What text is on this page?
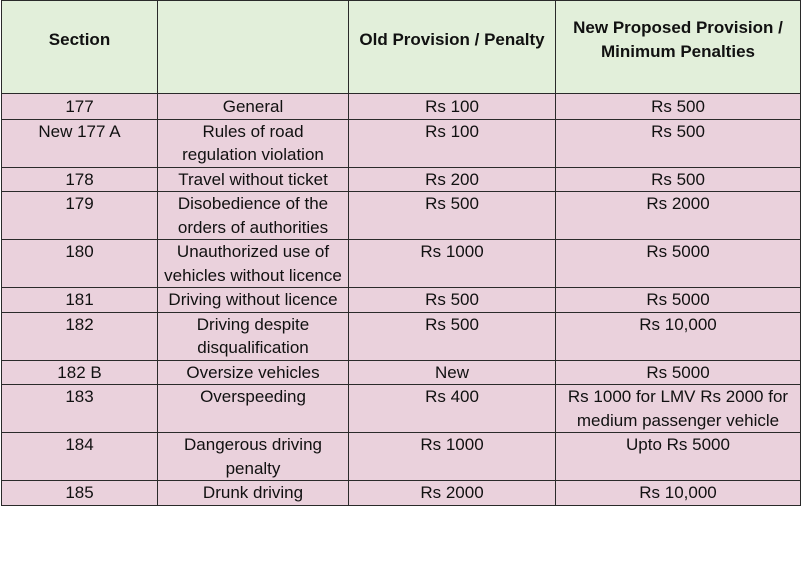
Section		Old Provision / Penalty	New Proposed Provision / Minimum Penalties
177	General	Rs 100	Rs 500
New 177 A	Rules of road regulation violation	Rs 100	Rs 500
178	Travel without ticket	Rs 200	Rs 500
179	Disobedience of the orders of authorities	Rs 500	Rs 2000
180	Unauthorized use of vehicles without licence	Rs 1000	Rs 5000
181	Driving without licence	Rs 500	Rs 5000
182	Driving despite disqualification	Rs 500	Rs 10,000
182 B	Oversize vehicles	New	Rs 5000
183	Overspeeding	Rs 400	Rs 1000 for LMV Rs 2000 for medium passenger vehicle
184	Dangerous driving penalty	Rs 1000	Upto Rs 5000
185	Drunk driving	Rs 2000	Rs 10,000
